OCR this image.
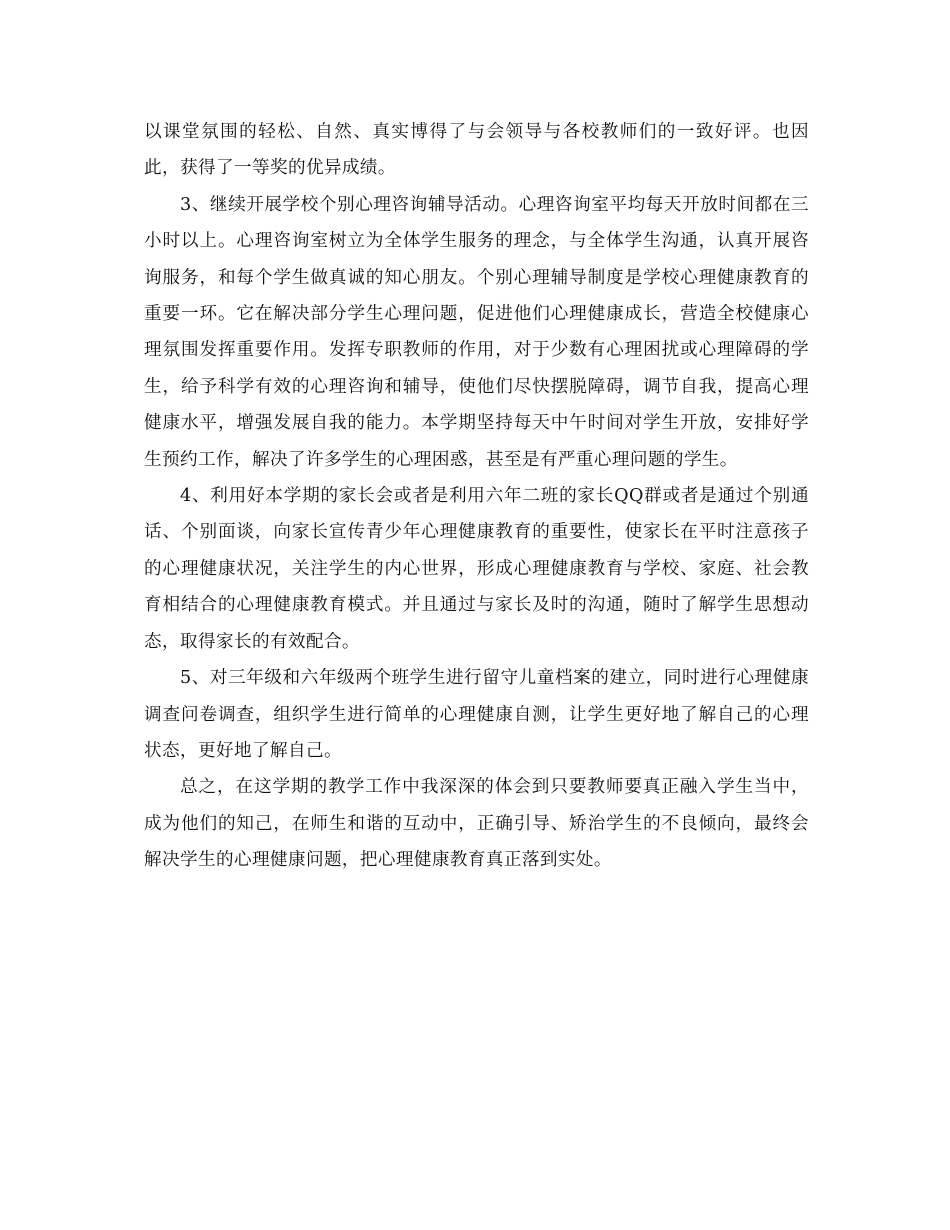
以课堂氛围的轻松、自然、真实博得了与会领导与各校教师们的一致好评。也因此，获得了一等奖的优异成绩。

3、继续开展学校个别心理咨询辅导活动。心理咨询室平均每天开放时间都在三小时以上。心理咨询室树立为全体学生服务的理念，与全体学生沟通，认真开展咨询服务，和每个学生做真诚的知心朋友。个别心理辅导制度是学校心理健康教育的重要一环。它在解决部分学生心理问题，促进他们心理健康成长，营造全校健康心理氛围发挥重要作用。发挥专职教师的作用，对于少数有心理困扰或心理障碍的学生，给予科学有效的心理咨询和辅导，使他们尽快摆脱障碍，调节自我，提高心理健康水平，增强发展自我的能力。本学期坚持每天中午时间对学生开放，安排好学生预约工作，解决了许多学生的心理困惑，甚至是有严重心理问题的学生。

4、利用好本学期的家长会或者是利用六年二班的家长QQ群或者是通过个别通话、个别面谈，向家长宣传青少年心理健康教育的重要性，使家长在平时注意孩子的心理健康状况，关注学生的内心世界，形成心理健康教育与学校、家庭、社会教育相结合的心理健康教育模式。并且通过与家长及时的沟通，随时了解学生思想动态，取得家长的有效配合。

5、对三年级和六年级两个班学生进行留守儿童档案的建立，同时进行心理健康调查问卷调查，组织学生进行简单的心理健康自测，让学生更好地了解自己的心理状态，更好地了解自己。

总之，在这学期的教学工作中我深深的体会到只要教师要真正融入学生当中，成为他们的知己，在师生和谐的互动中，正确引导、矫治学生的不良倾向，最终会解决学生的心理健康问题，把心理健康教育真正落到实处。
